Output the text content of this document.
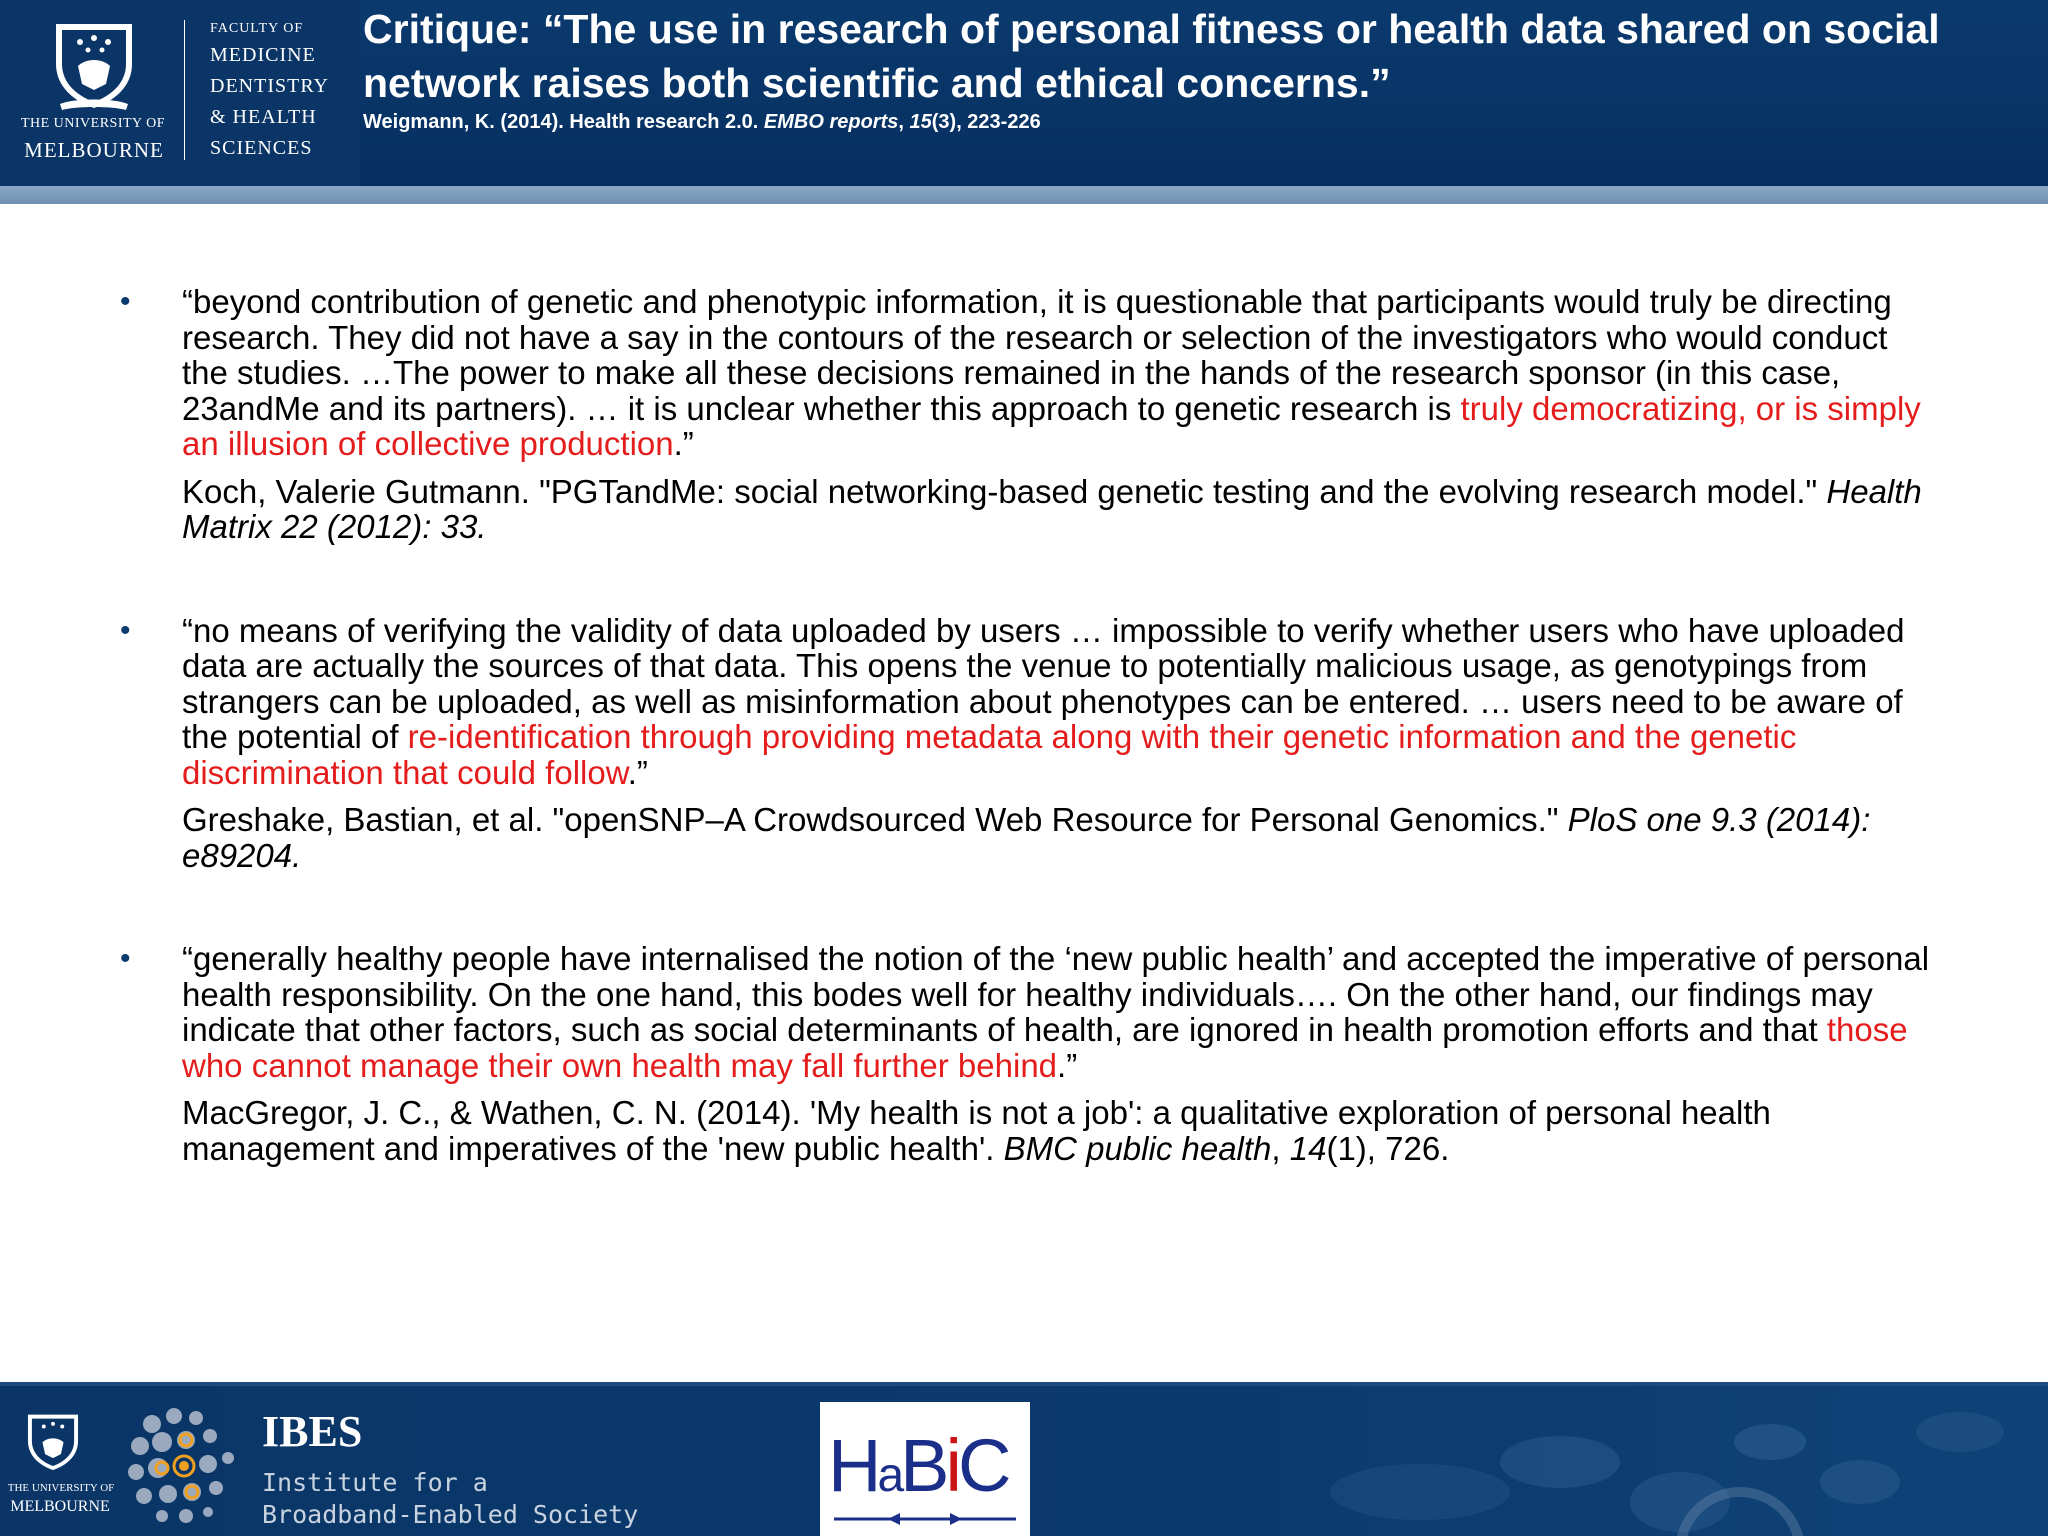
THE UNIVERSITY OF
MELBOURNE
FACULTY OF
MEDICINE
DENTISTRY
& HEALTH
SCIENCES
Critique: “The use in research of personal fitness or health data shared on social network raises both scientific and ethical concerns.”
Weigmann, K. (2014). Health research 2.0. EMBO reports, 15(3), 223-226
• “beyond contribution of genetic and phenotypic information, it is questionable that participants would truly be directing research. They did not have a say in the contours of the research or selection of the investigators who would conduct the studies. …The power to make all these decisions remained in the hands of the research sponsor (in this case, 23andMe and its partners). … it is unclear whether this approach to genetic research is truly democratizing, or is simply an illusion of collective production.”
Koch, Valerie Gutmann. "PGTandMe: social networking-based genetic testing and the evolving research model." Health Matrix 22 (2012): 33.
• “no means of verifying the validity of data uploaded by users … impossible to verify whether users who have uploaded data are actually the sources of that data. This opens the venue to potentially malicious usage, as genotypings from strangers can be uploaded, as well as misinformation about phenotypes can be entered. … users need to be aware of the potential of re-identification through providing metadata along with their genetic information and the genetic discrimination that could follow.”
Greshake, Bastian, et al. "openSNP–A Crowdsourced Web Resource for Personal Genomics." PloS one 9.3 (2014): e89204.
• “generally healthy people have internalised the notion of the ‘new public health’ and accepted the imperative of personal health responsibility. On the one hand, this bodes well for healthy individuals…. On the other hand, our findings may indicate that other factors, such as social determinants of health, are ignored in health promotion efforts and that those who cannot manage their own health may fall further behind.”
MacGregor, J. C., & Wathen, C. N. (2014). 'My health is not a job': a qualitative exploration of personal health management and imperatives of the 'new public health'. BMC public health, 14(1), 726.
THE UNIVERSITY OF
MELBOURNE
IBES
Institute for a
Broadband-Enabled Society
HaBiC
